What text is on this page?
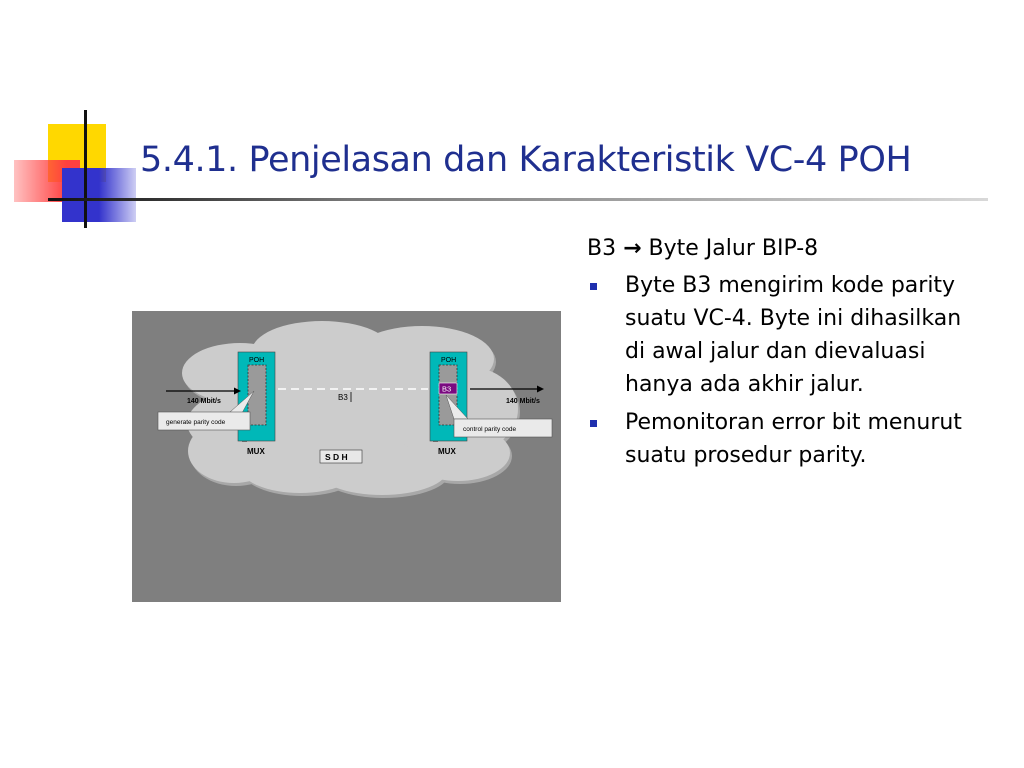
5.4.1. Penjelasan dan Karakteristik VC-4 POH
B3
POH	POH
B3
MUX	MUX
140 Mbit/s	140 Mbit/s
generate parity code
control parity code
S D H

B3 → Byte Jalur BIP-8

Byte B3 mengirim kode parity suatu VC-4. Byte ini dihasilkan di awal jalur dan dievaluasi hanya ada akhir jalur.
Pemonitoran error bit menurut suatu prosedur parity.
